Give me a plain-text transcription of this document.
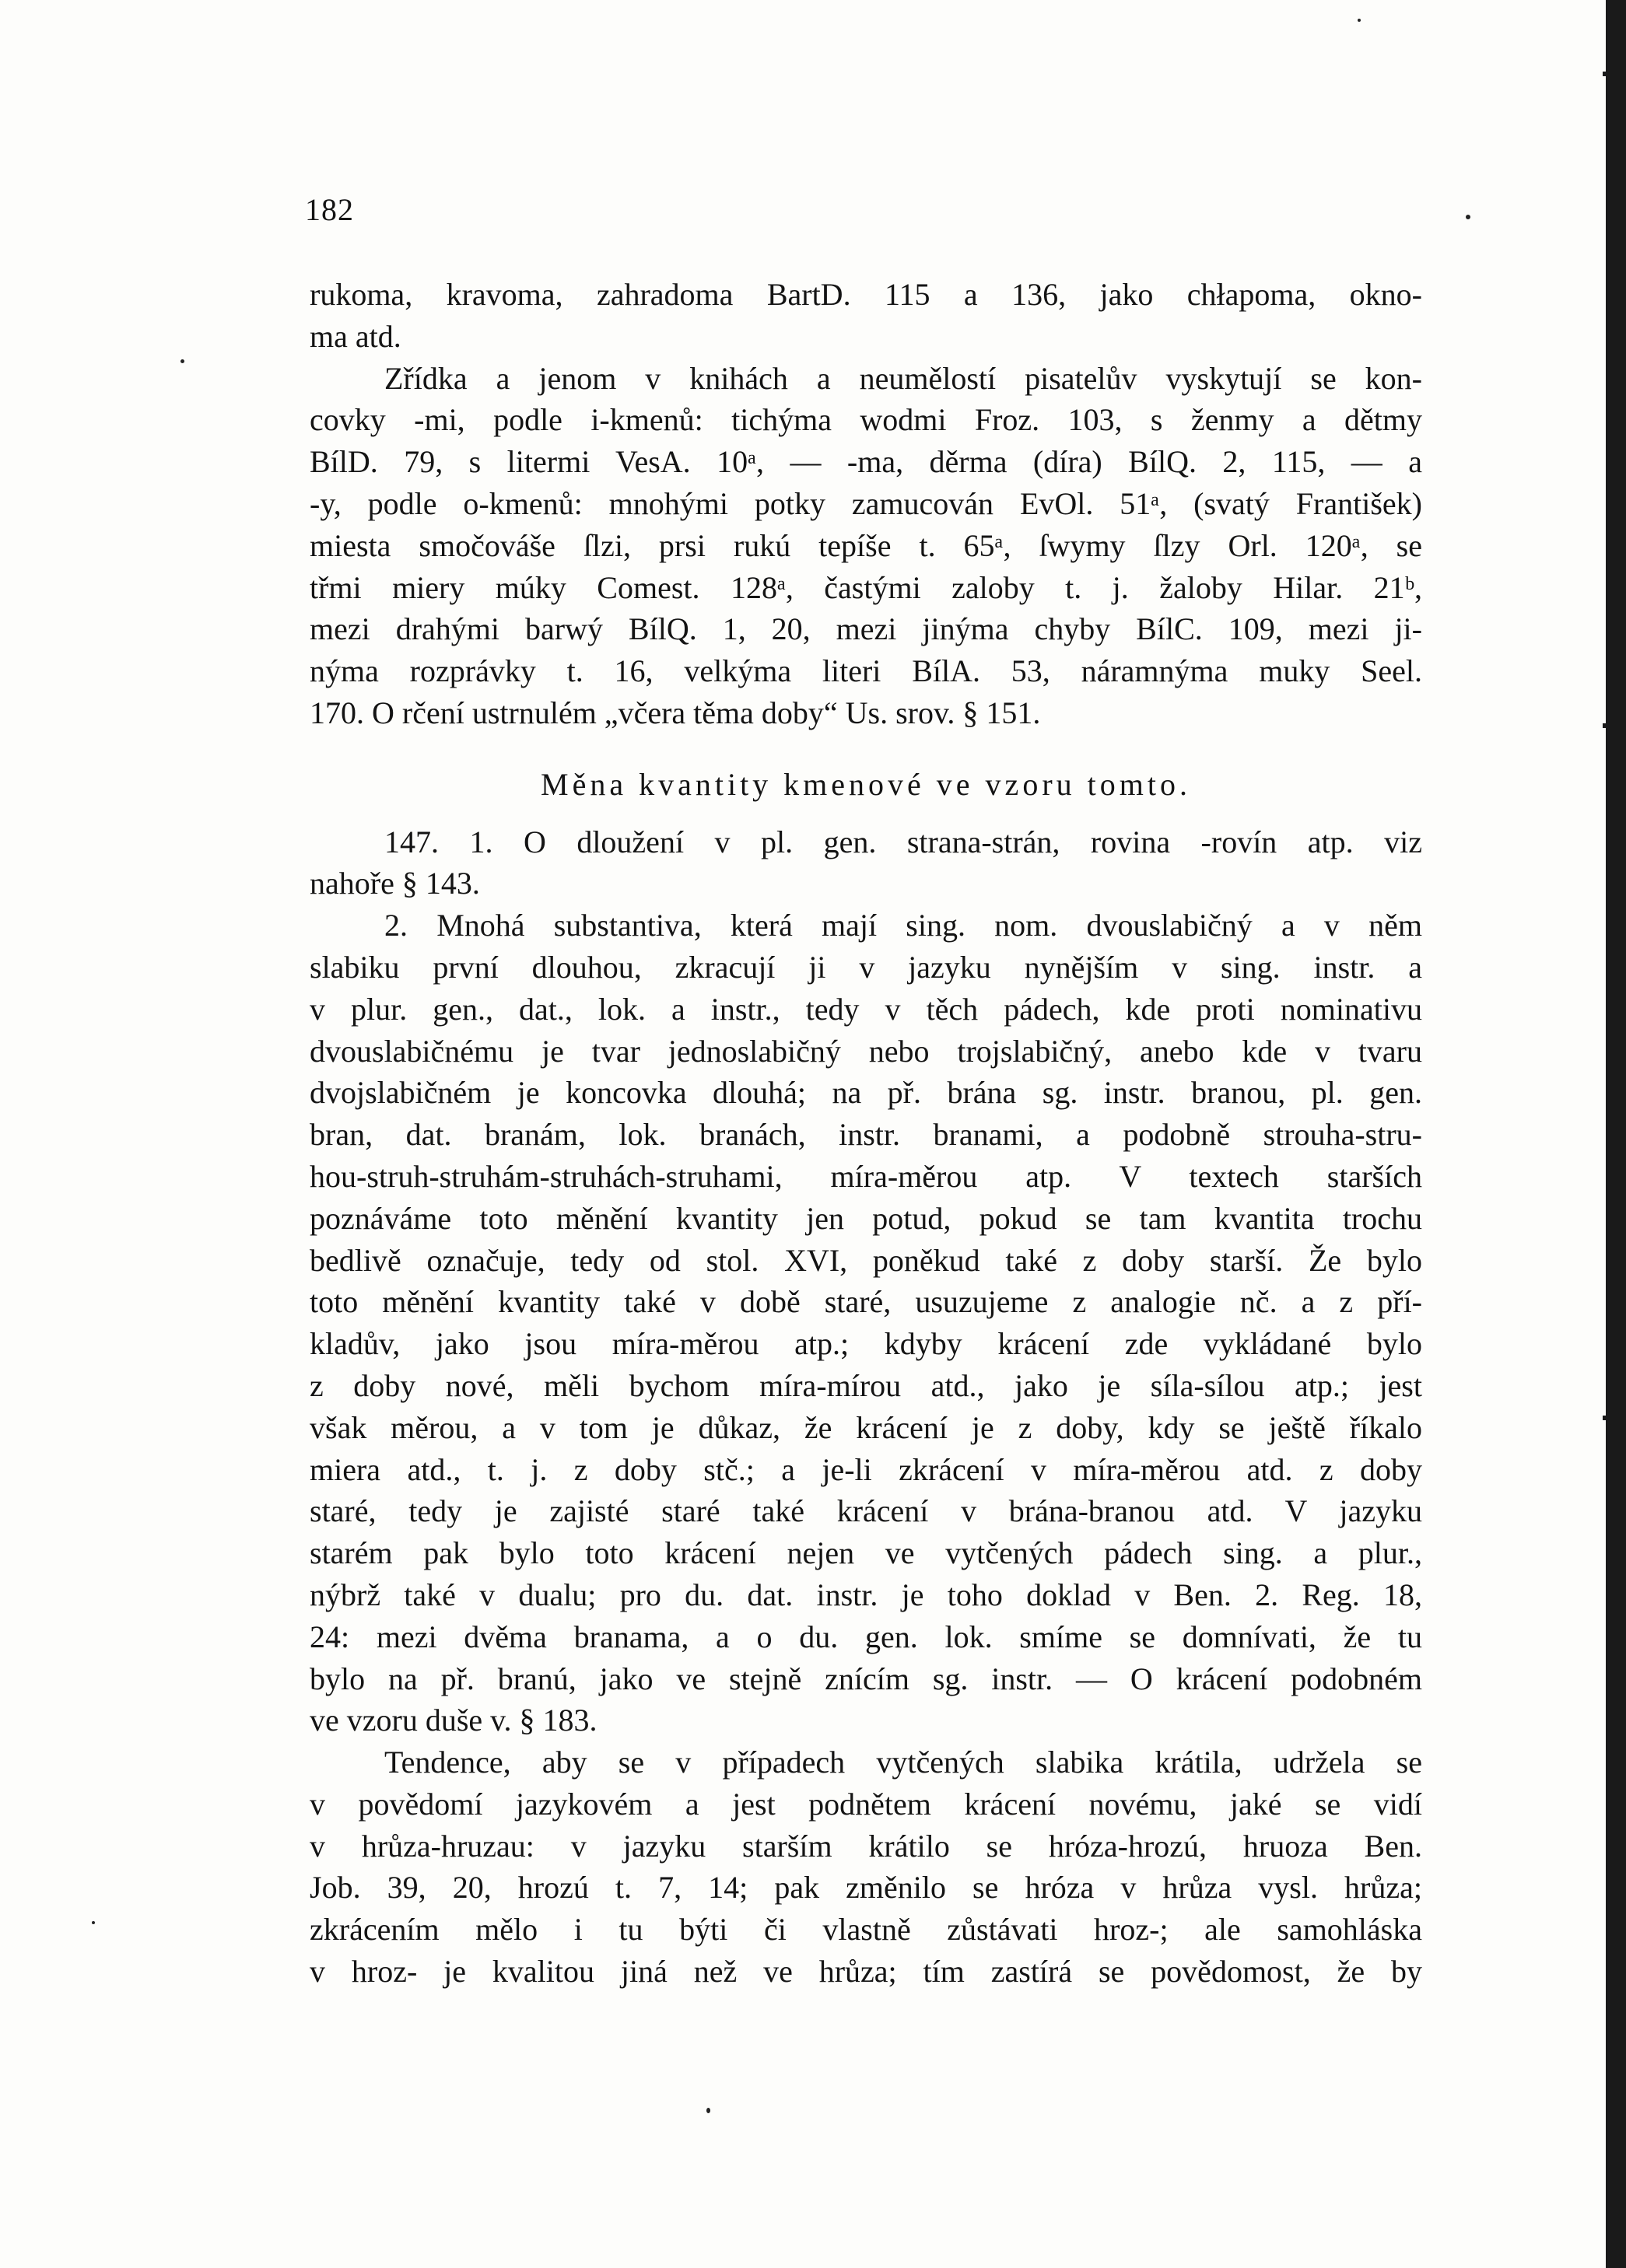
182
rukoma, kravoma, zahradoma BartD. 115 a 136, jako chłapoma, okno-
ma atd.
Zřídka a jenom v knihách a neumělostí pisatelův vyskytují se kon-
covky -mi, podle i-kmenů: tichýma wodmi Froz. 103, s ženmy a dětmy
BílD. 79, s litermi VesA. 10ᵃ, — -ma, děrma (díra) BílQ. 2, 115, — a
-y, podle o-kmenů: mnohými potky zamucován EvOl. 51ᵃ, (svatý František)
miesta smočováše ſlzi, prsi rukú tepíše t. 65ᵃ, ſwymy ſlzy Orl. 120ᵃ, se
třmi miery múky Comest. 128ᵃ, častými zaloby t. j. žaloby Hilar. 21ᵇ,
mezi drahými barwý BílQ. 1, 20, mezi jinýma chyby BílC. 109, mezi ji-
nýma rozprávky t. 16, velkýma literi BílA. 53, náramnýma muky Seel.
170. O rčení ustrnulém „včera těma doby“ Us. srov. § 151.
Měna kvantity kmenové ve vzoru tomto.
147. 1. O dloužení v pl. gen. strana-strán, rovina -rovín atp. viz
nahoře § 143.
2. Mnohá substantiva, která mají sing. nom. dvouslabičný a v něm
slabiku první dlouhou, zkracují ji v jazyku nynějším v sing. instr. a
v plur. gen., dat., lok. a instr., tedy v těch pádech, kde proti nominativu
dvouslabičnému je tvar jednoslabičný nebo trojslabičný, anebo kde v tvaru
dvojslabičném je koncovka dlouhá; na př. brána sg. instr. branou, pl. gen.
bran, dat. branám, lok. branách, instr. branami, a podobně strouha-stru-
hou-struh-struhám-struhách-struhami, míra-měrou atp. V textech starších
poznáváme toto měnění kvantity jen potud, pokud se tam kvantita trochu
bedlivě označuje, tedy od stol. XVI, poněkud také z doby starší. Že bylo
toto měnění kvantity také v době staré, usuzujeme z analogie nč. a z pří-
kladův, jako jsou míra-měrou atp.; kdyby krácení zde vykládané bylo
z doby nové, měli bychom míra-mírou atd., jako je síla-sílou atp.; jest
však měrou, a v tom je důkaz, že krácení je z doby, kdy se ještě říkalo
miera atd., t. j. z doby stč.; a je-li zkrácení v míra-měrou atd. z doby
staré, tedy je zajisté staré také krácení v brána-branou atd. V jazyku
starém pak bylo toto krácení nejen ve vytčených pádech sing. a plur.,
nýbrž také v dualu; pro du. dat. instr. je toho doklad v Ben. 2. Reg. 18,
24: mezi dvěma branama, a o du. gen. lok. smíme se domnívati, že tu
bylo na př. branú, jako ve stejně znícím sg. instr. — O krácení podobném
ve vzoru duše v. § 183.
Tendence, aby se v případech vytčených slabika krátila, udržela se
v povědomí jazykovém a jest podnětem krácení novému, jaké se vidí
v hrůza-hruzau: v jazyku starším krátilo se hróza-hrozú, hruoza Ben.
Job. 39, 20, hrozú t. 7, 14; pak změnilo se hróza v hrůza vysl. hrůza;
zkrácením mělo i tu býti či vlastně zůstávati hroz-; ale samohláska
v hroz- je kvalitou jiná než ve hrůza; tím zastírá se povědomost, že by
